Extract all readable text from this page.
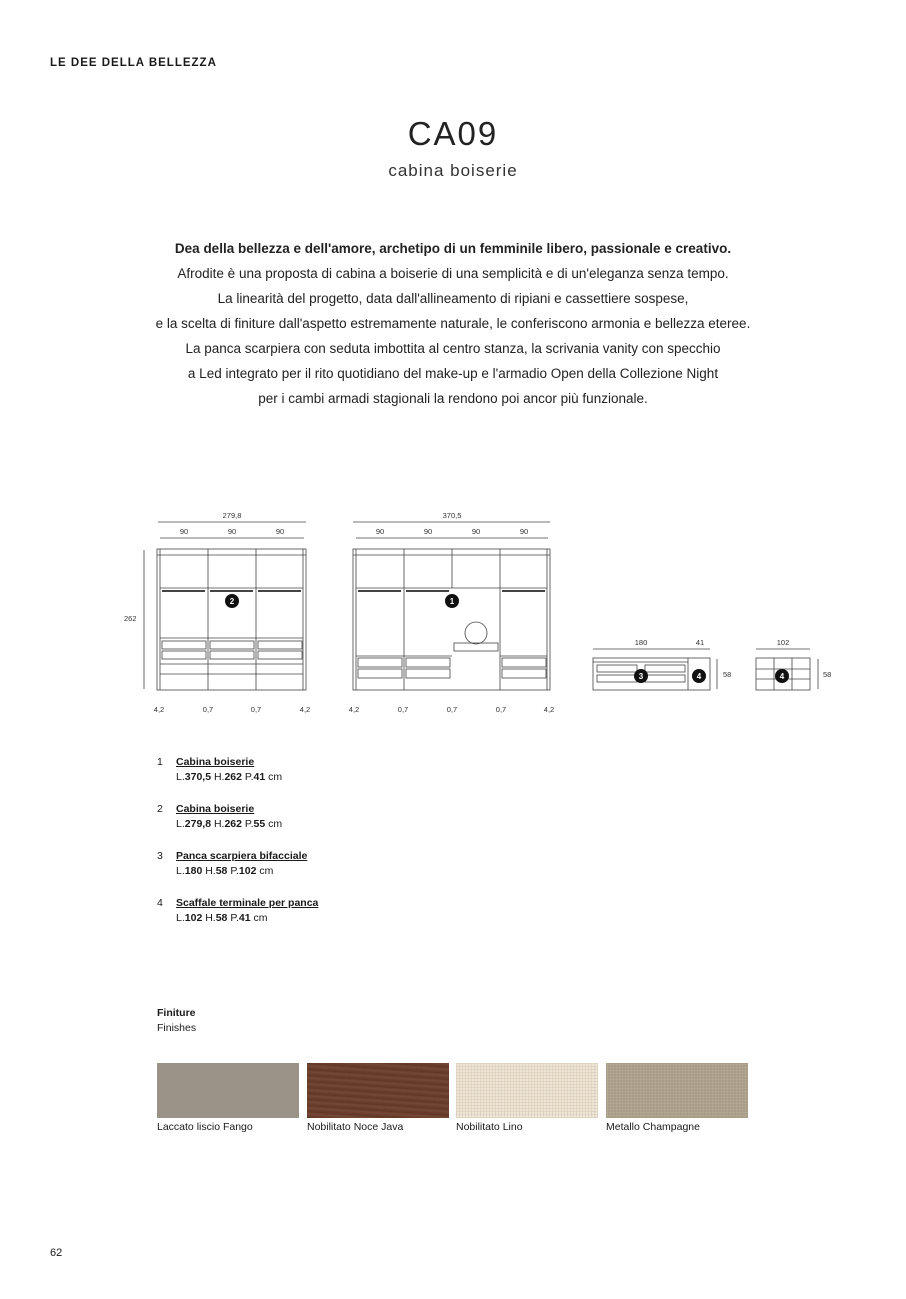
LE DEE DELLA BELLEZZA
CA09
cabina boiserie
Dea della bellezza e dell'amore, archetipo di un femminile libero, passionale e creativo.
Afrodite è una proposta di cabina a boiserie di una semplicità e di un'eleganza senza tempo.
La linearità del progetto, data dall'allineamento di ripiani e cassettiere sospese,
e la scelta di finiture dall'aspetto estremamente naturale, le conferiscono armonia e bellezza eteree.
La panca scarpiera con seduta imbottita al centro stanza, la scrivania vanity con specchio
a Led integrato per il rito quotidiano del make-up e l'armadio Open della Collezione Night
per i cambi armadi stagionali la rendono poi ancor più funzionale.
279,8
90	90	90
262
2
4,2	0,7	0,7	4,2
370,5
90	90	90	90
1
4,2	0,7	0,7	0,7	4,2
180	41
3	4	58
102
4	58
1 Cabina boiserie
L.370,5 H.262 P.41 cm
2 Cabina boiserie
L.279,8 H.262 P.55 cm
3 Panca scarpiera bifacciale
L.180 H.58 P.102 cm
4 Scaffale terminale per panca
L.102 H.58 P.41 cm
Finiture
Finishes
Laccato liscio Fango	Nobilitato Noce Java	Nobilitato Lino	Metallo Champagne
62
